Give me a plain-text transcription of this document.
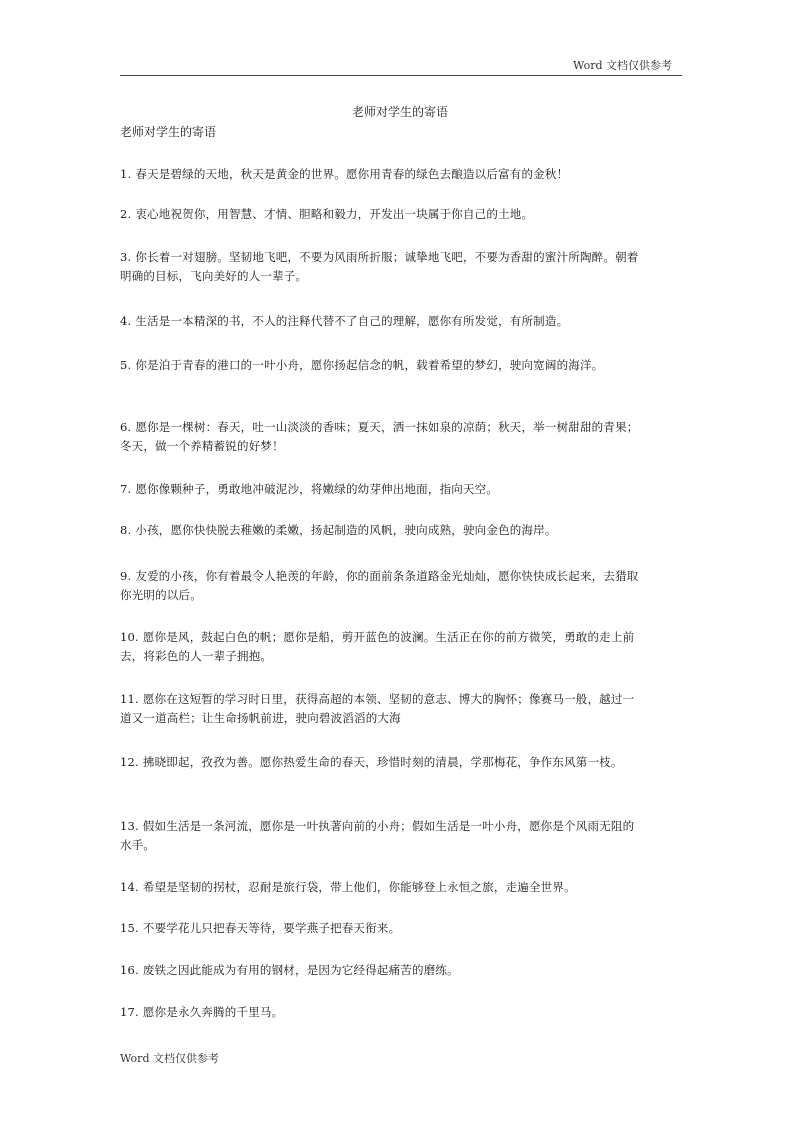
Word 文档仅供参考
老师对学生的寄语
老师对学生的寄语
1. 春天是碧绿的天地，秋天是黄金的世界。愿你用青春的绿色去酿造以后富有的金秋！
2. 衷心地祝贺你，用智慧、才情、胆略和毅力，开发出一块属于你自己的土地。
3. 你长着一对翅膀。坚韧地飞吧，不要为风雨所折服；诚挚地飞吧，不要为香甜的蜜汁所陶醉。朝着明确的目标，飞向美好的人一辈子。
4. 生活是一本精深的书，不人的注释代替不了自己的理解，愿你有所发觉，有所制造。
5. 你是泊于青春的港口的一叶小舟，愿你扬起信念的帆，载着希望的梦幻，驶向宽阔的海洋。
6. 愿你是一棵树：春天，吐一山淡淡的香味；夏天，洒一抹如泉的凉荫；秋天，举一树甜甜的青果；冬天，做一个养精蓄锐的好梦！
7. 愿你像颗种子，勇敢地冲破泥沙，将嫩绿的幼芽伸出地面，指向天空。
8. 小孩，愿你快快脱去稚嫩的柔嫩，扬起制造的风帆，驶向成熟，驶向金色的海岸。
9. 友爱的小孩，你有着最令人艳羡的年龄，你的面前条条道路金光灿灿，愿你快快成长起来，去猎取你光明的以后。
10. 愿你是风，鼓起白色的帆；愿你是船，剪开蓝色的波澜。生活正在你的前方微笑，勇敢的走上前去，将彩色的人一辈子拥抱。
11. 愿你在这短暂的学习时日里，获得高超的本领、坚韧的意志、博大的胸怀；像赛马一般，越过一道又一道高栏；让生命扬帆前进，驶向碧波滔滔的大海
12. 拂晓即起，孜孜为善。愿你热爱生命的春天，珍惜时刻的清晨，学那梅花，争作东风第一枝。
13. 假如生活是一条河流，愿你是一叶执著向前的小舟；假如生活是一叶小舟，愿你是个风雨无阻的水手。
14. 希望是坚韧的拐杖，忍耐是旅行袋，带上他们，你能够登上永恒之旅，走遍全世界。
15. 不要学花儿只把春天等待，要学燕子把春天衔来。
16. 废铁之因此能成为有用的钢材，是因为它经得起痛苦的磨练。
17. 愿你是永久奔腾的千里马。
Word 文档仅供参考
